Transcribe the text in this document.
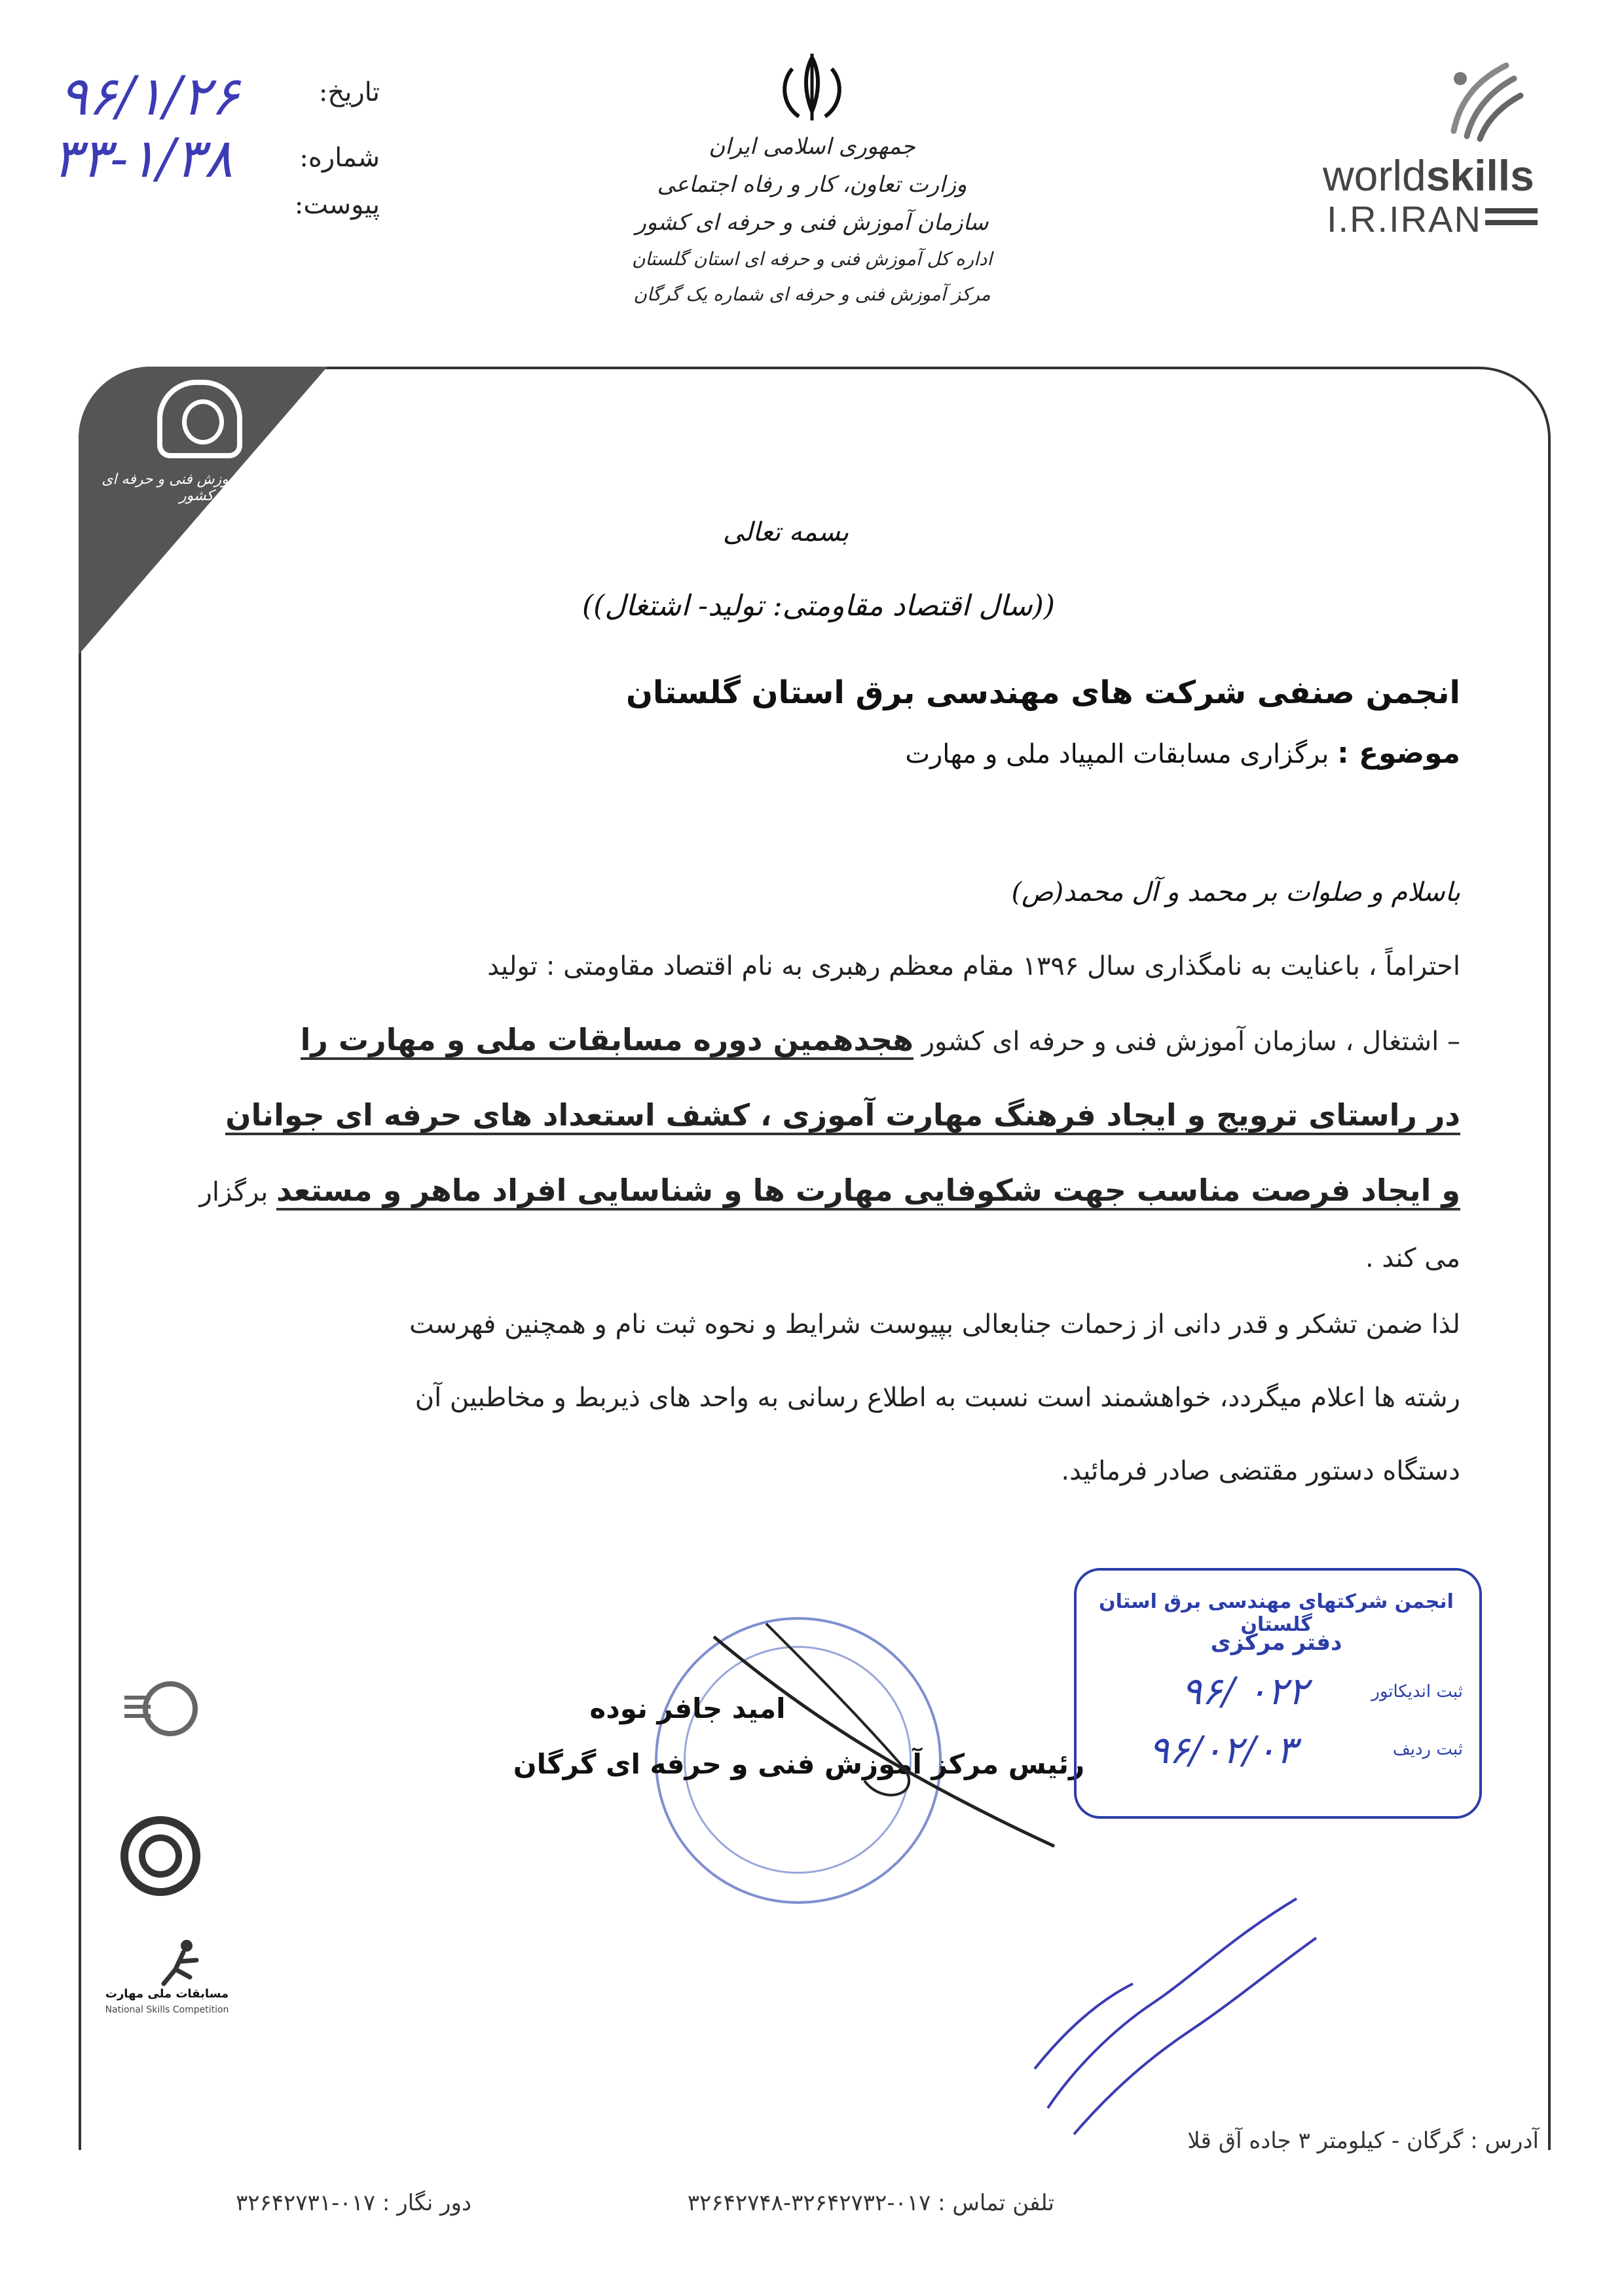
۹۶/۱/۲۶	تاریخ:
۳۳-۱/۳۸	شماره:
پیوست:
جمهوری اسلامی ایران
وزارت تعاون، کار و رفاه اجتماعی
سازمان آموزش فنی و حرفه ای کشور
اداره کل آموزش فنی و حرفه ای استان گلستان
مرکز آموزش فنی و حرفه ای شماره یک گرگان
worldskills
I.R.IRAN
سازمان آموزش فنی و حرفه ای کشور
بسمه تعالی
((سال اقتصاد مقاومتی: تولید- اشتغال))
انجمن صنفی شرکت های مهندسی برق استان گلستان
موضوع : برگزاری مسابقات المپیاد ملی و مهارت
باسلام و صلوات بر محمد و آل محمد(ص)
احتراماً ، باعنایت به نامگذاری سال ۱۳۹۶ مقام معظم رهبری به نام اقتصاد مقاومتی : تولید
– اشتغال ، سازمان آموزش فنی و حرفه ای کشور هجدهمین دوره مسابقات ملی و مهارت را
در راستای ترویج و ایجاد فرهنگ مهارت آموزی ، کشف استعداد های حرفه ای جوانان
و ایجاد فرصت مناسب جهت شکوفایی مهارت ها و شناسایی افراد ماهر و مستعد برگزار
می کند .
لذا ضمن تشکر و قدر دانی از زحمات جنابعالی بپیوست شرایط و نحوه ثبت نام و همچنین فهرست
رشته ها اعلام میگردد، خواهشمند است نسبت به اطلاع رسانی به واحد های ذیربط و مخاطبین آن
دستگاه دستور مقتضی صادر فرمائید.
امید جافر نوده
رئیس مرکز آموزش فنی و حرفه ای گرگان
انجمن شرکتهای مهندسی برق استان گلستان
دفتر مرکزی
ثبت اندیکاتور
۹۶/ ۰۲۲
ثبت ردیف
۹۶/۰۲/۰۳
مسابقات ملی مهارت
National Skills Competition
آدرس : گرگان - کیلومتر ۳ جاده آق قلا
تلفن تماس : ۰۱۷-۳۲۶۴۲۷۳۲-۳۲۶۴۲۷۴۸
دور نگار : ۰۱۷-۳۲۶۴۲۷۳۱
